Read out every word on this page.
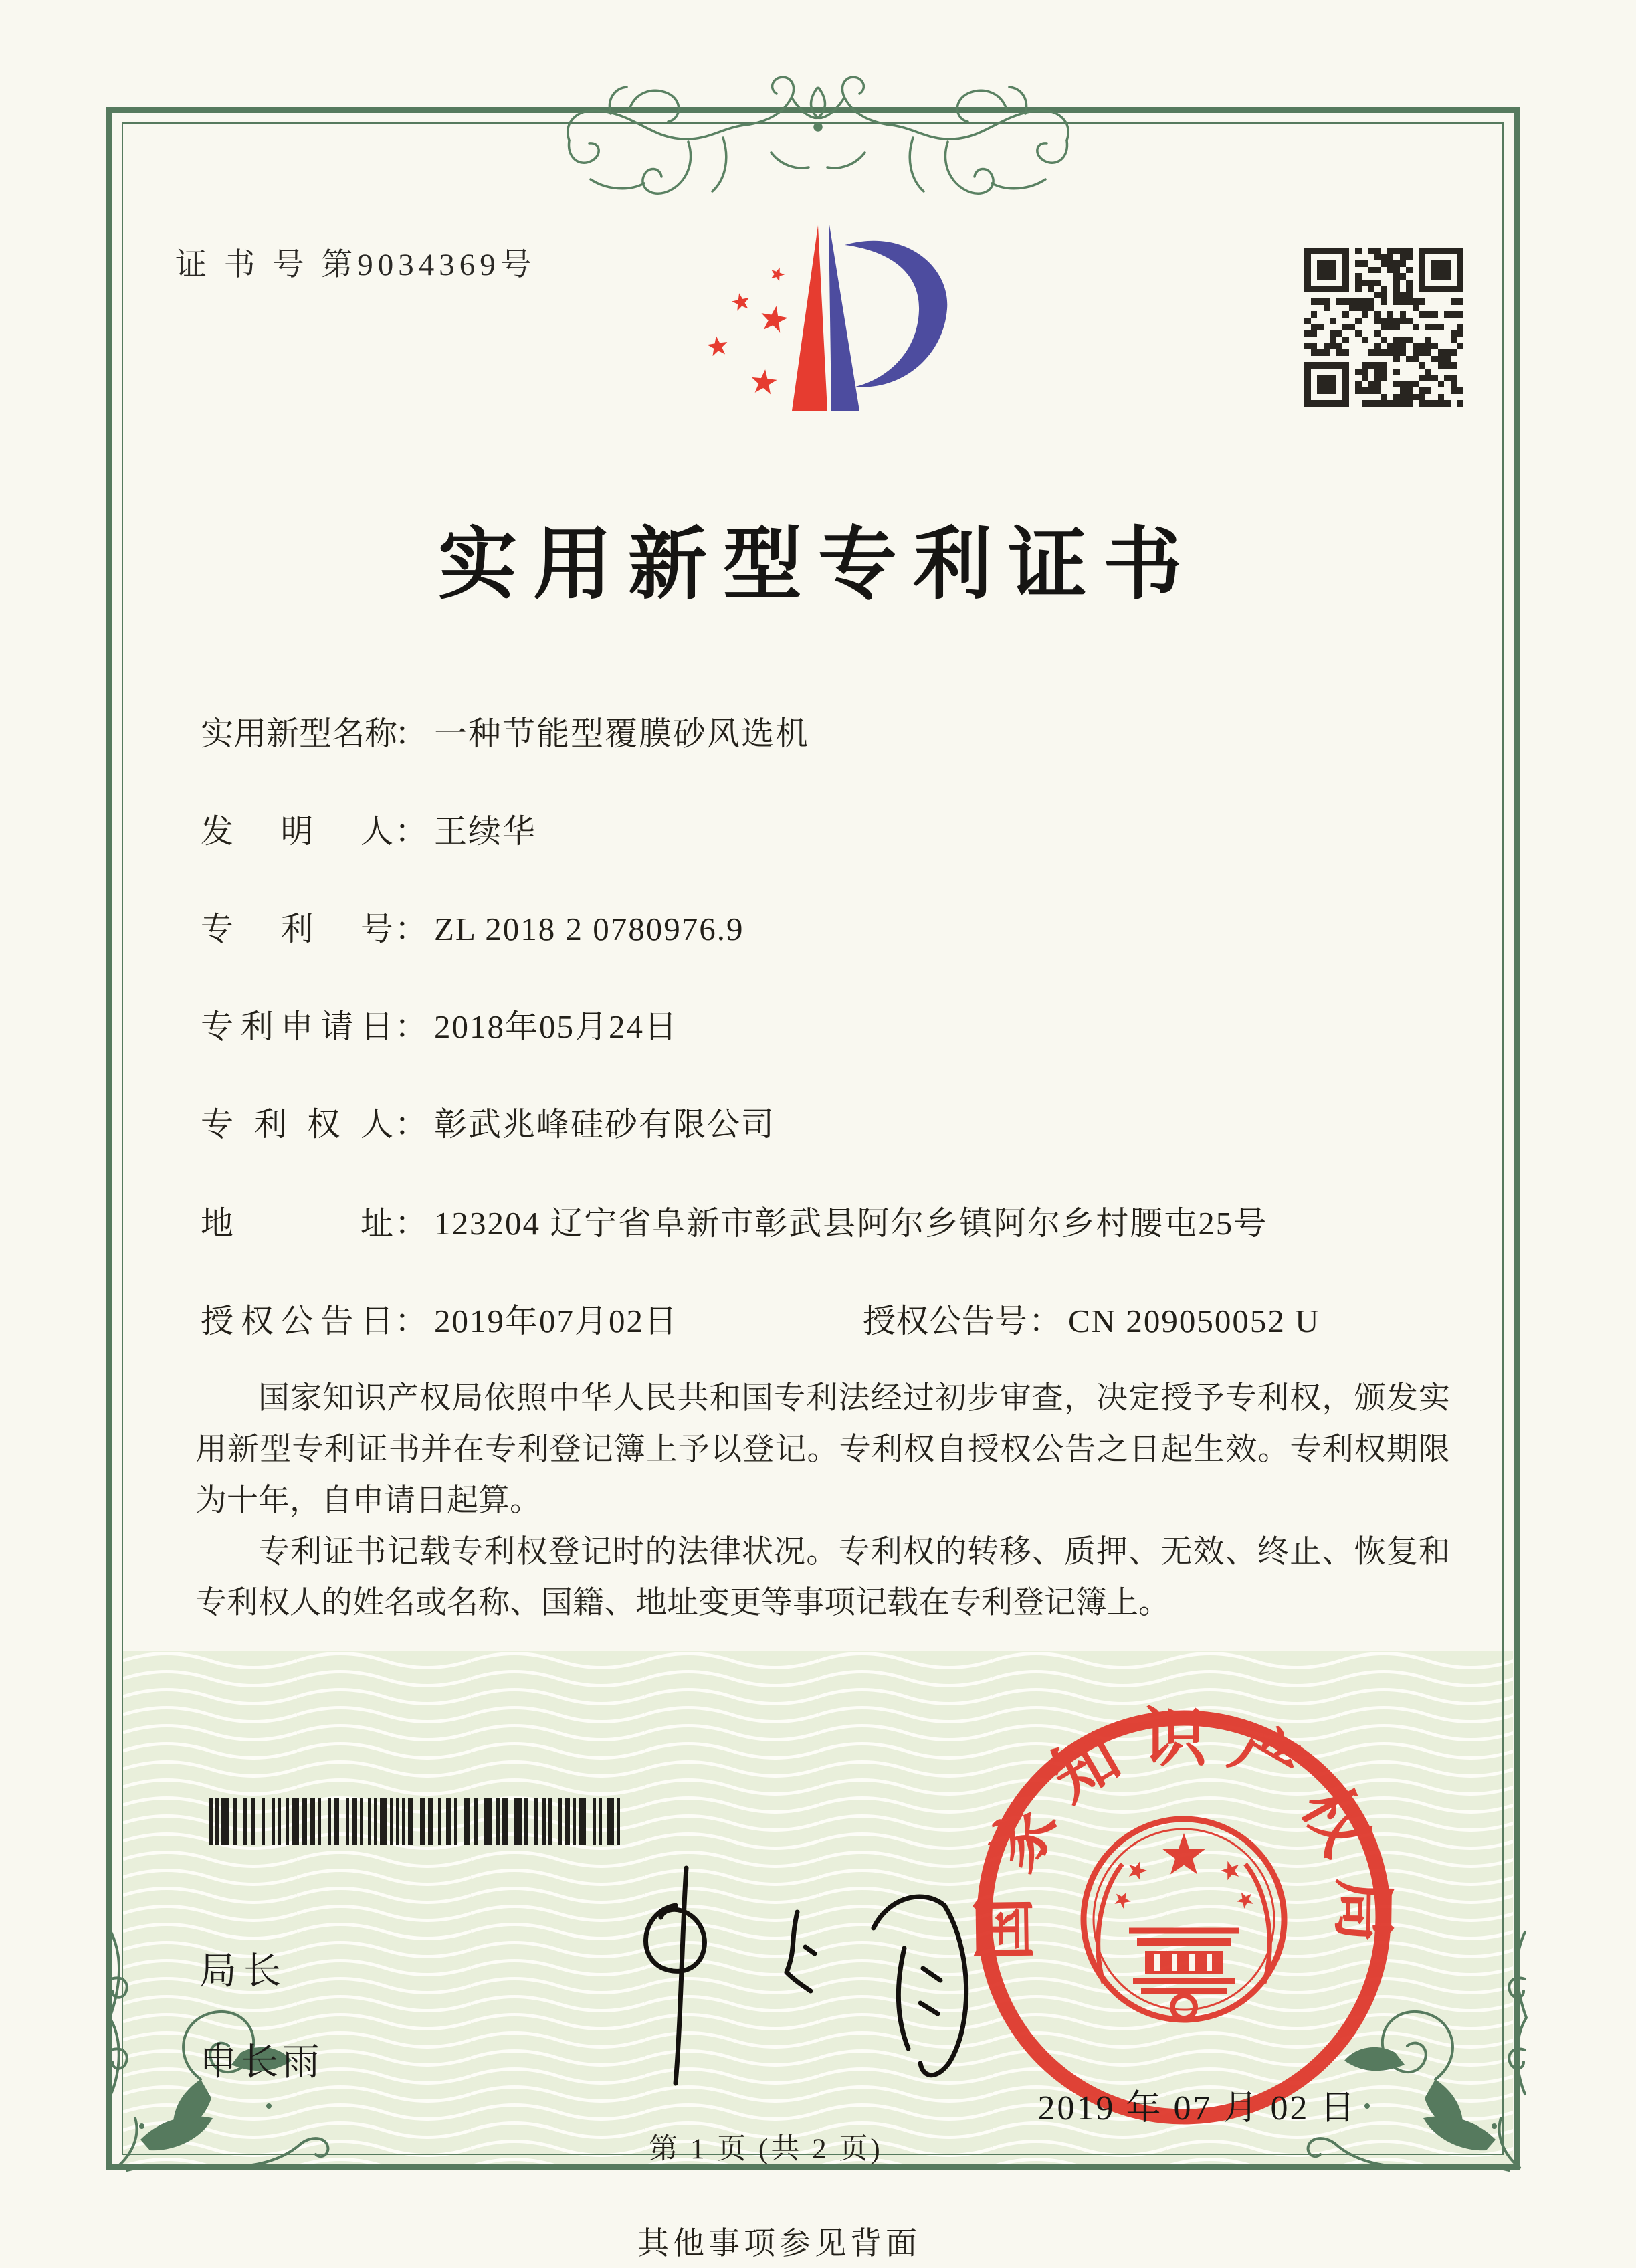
证 书 号 第9034369号
实用新型专利证书
实用新型名称： 一种节能型覆膜砂风选机
发明人： 王续华
专利号： ZL 2018 2 0780976.9
专利申请日： 2018年05月24日
专利权人： 彰武兆峰硅砂有限公司
地址： 123204 辽宁省阜新市彰武县阿尔乡镇阿尔乡村腰屯25号
授权公告日： 2019年07月02日	授权公告号： CN 209050052 U

国家知识产权局依照中华人民共和国专利法经过初步审查，决定授予专利权，颁发实用新型专利证书并在专利登记簿上予以登记。专利权自授权公告之日起生效。专利权期限为十年，自申请日起算。

专利证书记载专利权登记时的法律状况。专利权的转移、质押、无效、终止、恢复和专利权人的姓名或名称、国籍、地址变更等事项记载在专利登记簿上。

局长
申长雨
国家知识产权局
2019 年 07 月 02 日
第 1 页 (共 2 页)
其他事项参见背面
